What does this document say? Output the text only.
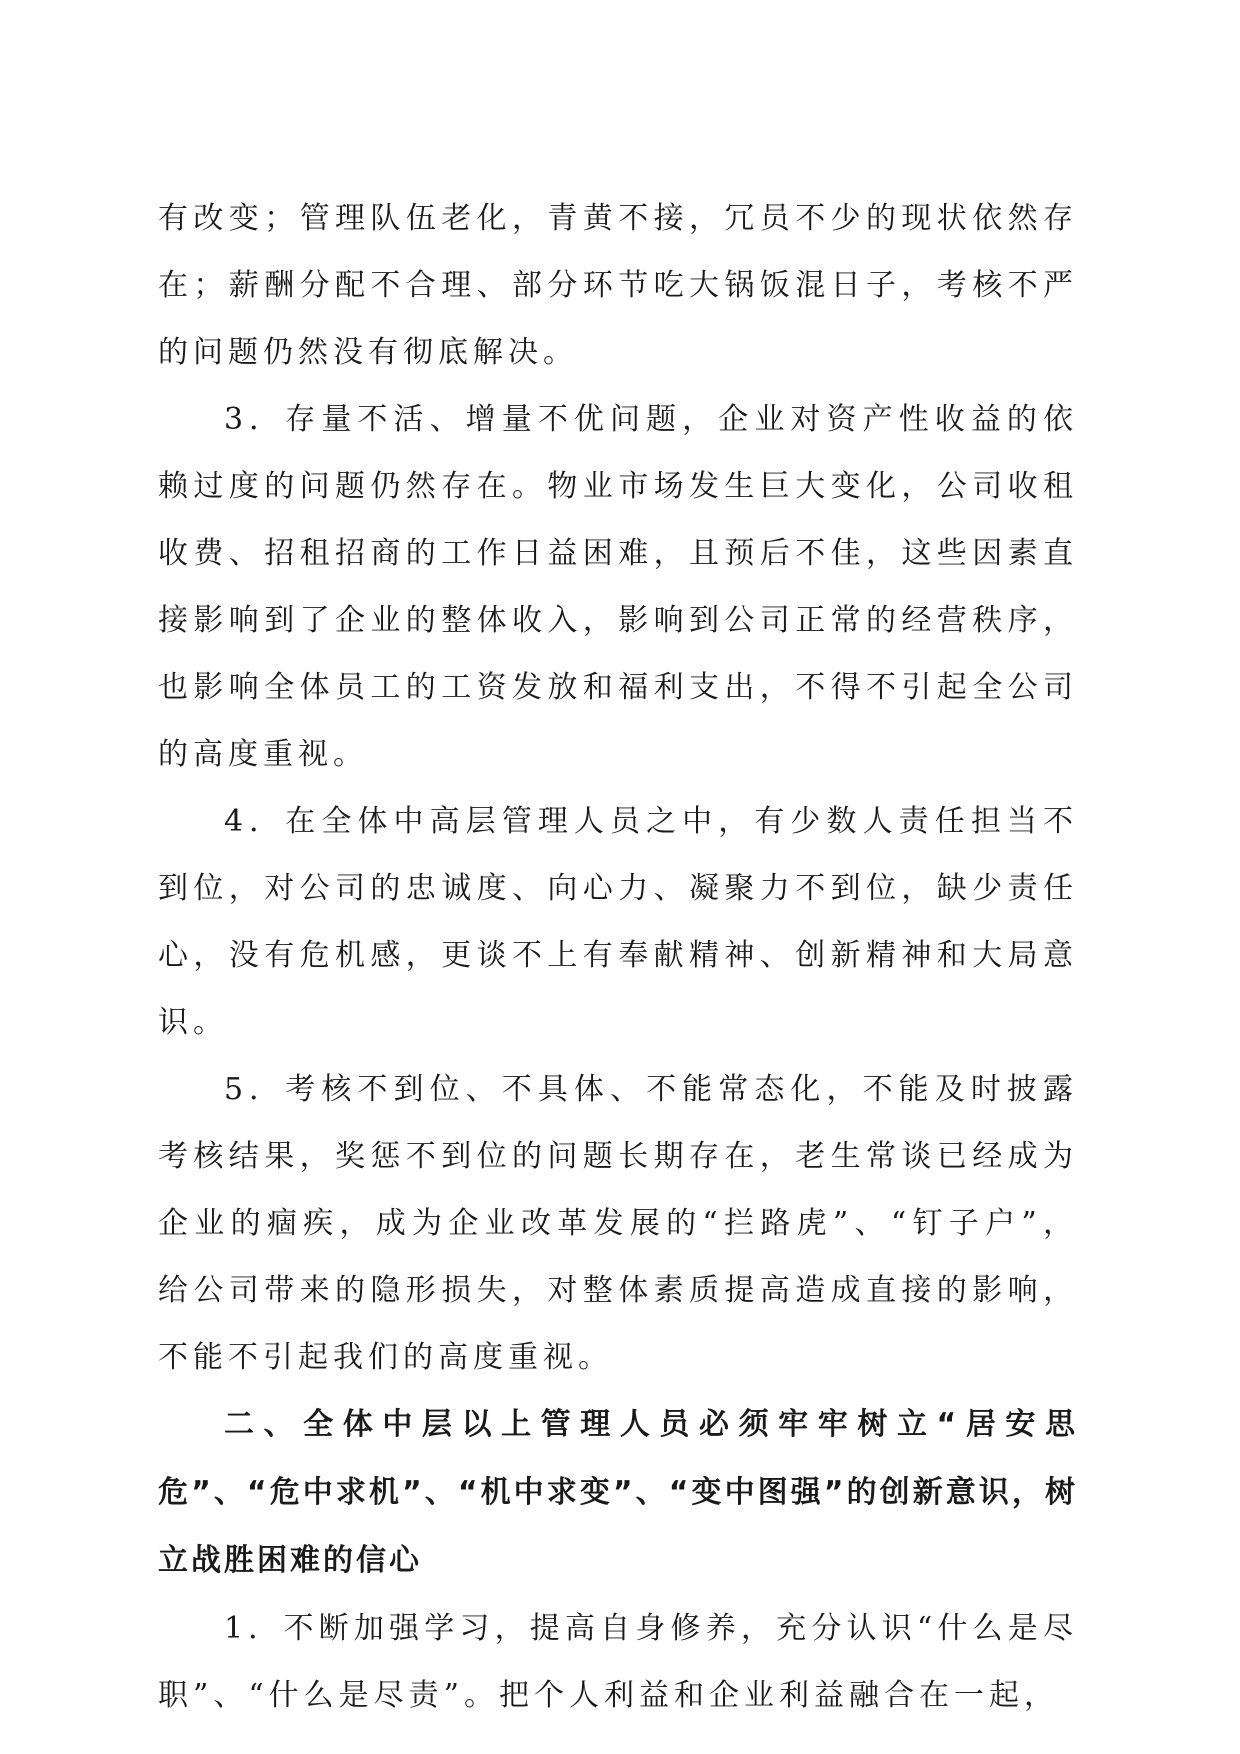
有改变；管理队伍老化，青黄不接，冗员不少的现状依然存在；薪酬分配不合理、部分环节吃大锅饭混日子，考核不严的问题仍然没有彻底解决。

3．存量不活、增量不优问题，企业对资产性收益的依赖过度的问题仍然存在。物业市场发生巨大变化，公司收租收费、招租招商的工作日益困难，且预后不佳，这些因素直接影响到了企业的整体收入，影响到公司正常的经营秩序，也影响全体员工的工资发放和福利支出，不得不引起全公司的高度重视。

4．在全体中高层管理人员之中，有少数人责任担当不到位，对公司的忠诚度、向心力、凝聚力不到位，缺少责任心，没有危机感，更谈不上有奉献精神、创新精神和大局意识。

5．考核不到位、不具体、不能常态化，不能及时披露考核结果，奖惩不到位的问题长期存在，老生常谈已经成为企业的痼疾，成为企业改革发展的“拦路虎”、“钉子户”，给公司带来的隐形损失，对整体素质提高造成直接的影响，不能不引起我们的高度重视。

二、全体中层以上管理人员必须牢牢树立“居安思危”、“危中求机”、“机中求变”、“变中图强”的创新意识，树立战胜困难的信心

1．不断加强学习，提高自身修养，充分认识“什么是尽职”、“什么是尽责”。把个人利益和企业利益融合在一起，
